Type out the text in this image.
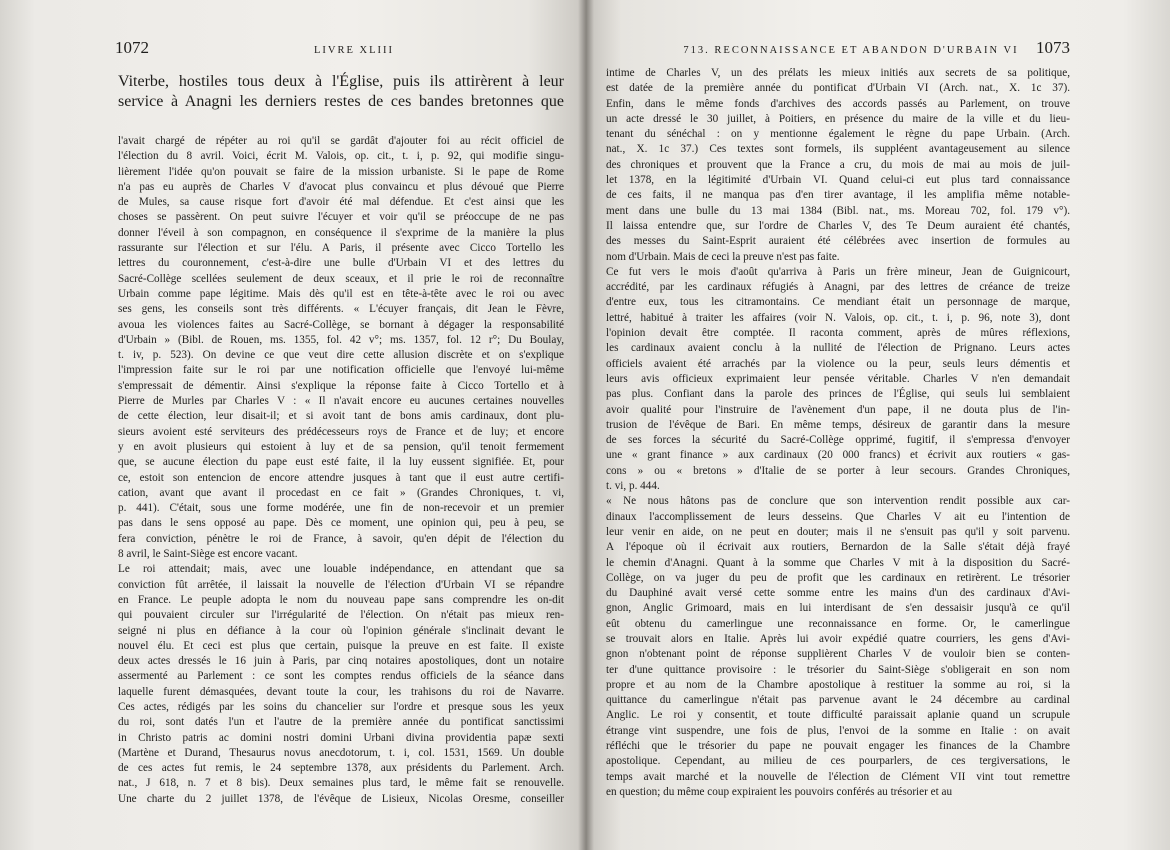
1072	LIVRE XLIII
Viterbe, hostiles tous deux à l'Église, puis ils attirèrent à leur
service à Anagni les derniers restes de ces bandes bretonnes que
l'avait chargé de répéter au roi qu'il se gardât d'ajouter foi au récit officiel de
l'élection du 8 avril. Voici, écrit M. Valois, op. cit., t. i, p. 92, qui modifie singu-
lièrement l'idée qu'on pouvait se faire de la mission urbaniste. Si le pape de Rome
n'a pas eu auprès de Charles V d'avocat plus convaincu et plus dévoué que Pierre
de Mules, sa cause risque fort d'avoir été mal défendue. Et c'est ainsi que les
choses se passèrent. On peut suivre l'écuyer et voir qu'il se préoccupe de ne pas
donner l'éveil à son compagnon, en conséquence il s'exprime de la manière la plus
rassurante sur l'élection et sur l'élu. A Paris, il présente avec Cicco Tortello les
lettres du couronnement, c'est-à-dire une bulle d'Urbain VI et des lettres du
Sacré-Collège scellées seulement de deux sceaux, et il prie le roi de reconnaître
Urbain comme pape légitime. Mais dès qu'il est en tête-à-tête avec le roi ou avec
ses gens, les conseils sont très différents. « L'écuyer français, dit Jean le Fèvre,
avoua les violences faites au Sacré-Collège, se bornant à dégager la responsabilité
d'Urbain » (Bibl. de Rouen, ms. 1355, fol. 42 v°; ms. 1357, fol. 12 r°; Du Boulay,
t. iv, p. 523). On devine ce que veut dire cette allusion discrète et on s'explique
l'impression faite sur le roi par une notification officielle que l'envoyé lui-même
s'empressait de démentir. Ainsi s'explique la réponse faite à Cicco Tortello et à
Pierre de Murles par Charles V : « Il n'avait encore eu aucunes certaines nouvelles
de cette élection, leur disait-il; et si avoit tant de bons amis cardinaux, dont plu-
sieurs avoient esté serviteurs des prédécesseurs roys de France et de luy; et encore
y en avoit plusieurs qui estoient à luy et de sa pension, qu'il tenoit fermement
que, se aucune élection du pape eust esté faite, il la luy eussent signifiée. Et, pour
ce, estoit son entencion de encore attendre jusques à tant que il eust autre certifi-
cation, avant que avant il procedast en ce fait » (Grandes Chroniques, t. vi,
p. 441). C'était, sous une forme modérée, une fin de non-recevoir et un premier
pas dans le sens opposé au pape. Dès ce moment, une opinion qui, peu à peu, se
fera conviction, pénètre le roi de France, à savoir, qu'en dépit de l'élection du
8 avril, le Saint-Siège est encore vacant.
Le roi attendait; mais, avec une louable indépendance, en attendant que sa
conviction fût arrêtée, il laissait la nouvelle de l'élection d'Urbain VI se répandre
en France. Le peuple adopta le nom du nouveau pape sans comprendre les on-dit
qui pouvaient circuler sur l'irrégularité de l'élection. On n'était pas mieux ren-
seigné ni plus en défiance à la cour où l'opinion générale s'inclinait devant le
nouvel élu. Et ceci est plus que certain, puisque la preuve en est faite. Il existe
deux actes dressés le 16 juin à Paris, par cinq notaires apostoliques, dont un notaire
assermenté au Parlement : ce sont les comptes rendus officiels de la séance dans
laquelle furent démasquées, devant toute la cour, les trahisons du roi de Navarre.
Ces actes, rédigés par les soins du chancelier sur l'ordre et presque sous les yeux
du roi, sont datés l'un et l'autre de la première année du pontificat sanctissimi
in Christo patris ac domini nostri domini Urbani divina providentia papæ sexti
(Martène et Durand, Thesaurus novus anecdotorum, t. i, col. 1531, 1569. Un double
de ces actes fut remis, le 24 septembre 1378, aux présidents du Parlement. Arch.
nat., J 618, n. 7 et 8 bis). Deux semaines plus tard, le même fait se renouvelle.
Une charte du 2 juillet 1378, de l'évêque de Lisieux, Nicolas Oresme, conseiller
713. RECONNAISSANCE ET ABANDON D'URBAIN VI 1073
intime de Charles V, un des prélats les mieux initiés aux secrets de sa politique,
est datée de la première année du pontificat d'Urbain VI (Arch. nat., X. 1c 37).
Enfin, dans le même fonds d'archives des accords passés au Parlement, on trouve
un acte dressé le 30 juillet, à Poitiers, en présence du maire de la ville et du lieu-
tenant du sénéchal : on y mentionne également le règne du pape Urbain. (Arch.
nat., X. 1c 37.) Ces textes sont formels, ils suppléent avantageusement au silence
des chroniques et prouvent que la France a cru, du mois de mai au mois de juil-
let 1378, en la légitimité d'Urbain VI. Quand celui-ci eut plus tard connaissance
de ces faits, il ne manqua pas d'en tirer avantage, il les amplifia même notable-
ment dans une bulle du 13 mai 1384 (Bibl. nat., ms. Moreau 702, fol. 179 v°).
Il laissa entendre que, sur l'ordre de Charles V, des Te Deum auraient été chantés,
des messes du Saint-Esprit auraient été célébrées avec insertion de formules au
nom d'Urbain. Mais de ceci la preuve n'est pas faite.
Ce fut vers le mois d'août qu'arriva à Paris un frère mineur, Jean de Guignicourt,
accrédité, par les cardinaux réfugiés à Anagni, par des lettres de créance de treize
d'entre eux, tous les citramontains. Ce mendiant était un personnage de marque,
lettré, habitué à traiter les affaires (voir N. Valois, op. cit., t. i, p. 96, note 3), dont
l'opinion devait être comptée. Il raconta comment, après de mûres réflexions,
les cardinaux avaient conclu à la nullité de l'élection de Prignano. Leurs actes
officiels avaient été arrachés par la violence ou la peur, seuls leurs démentis et
leurs avis officieux exprimaient leur pensée véritable. Charles V n'en demandait
pas plus. Confiant dans la parole des princes de l'Église, qui seuls lui semblaient
avoir qualité pour l'instruire de l'avènement d'un pape, il ne douta plus de l'in-
trusion de l'évêque de Bari. En même temps, désireux de garantir dans la mesure
de ses forces la sécurité du Sacré-Collège opprimé, fugitif, il s'empressa d'envoyer
une « grant finance » aux cardinaux (20 000 francs) et écrivit aux routiers « gas-
cons » ou « bretons » d'Italie de se porter à leur secours. Grandes Chroniques,
t. vi, p. 444.
« Ne nous hâtons pas de conclure que son intervention rendit possible aux car-
dinaux l'accomplissement de leurs desseins. Que Charles V ait eu l'intention de
leur venir en aide, on ne peut en douter; mais il ne s'ensuit pas qu'il y soit parvenu.
A l'époque où il écrivait aux routiers, Bernardon de la Salle s'était déjà frayé
le chemin d'Anagni. Quant à la somme que Charles V mit à la disposition du Sacré-
Collège, on va juger du peu de profit que les cardinaux en retirèrent. Le trésorier
du Dauphiné avait versé cette somme entre les mains d'un des cardinaux d'Avi-
gnon, Anglic Grimoard, mais en lui interdisant de s'en dessaisir jusqu'à ce qu'il
eût obtenu du camerlingue une reconnaissance en forme. Or, le camerlingue
se trouvait alors en Italie. Après lui avoir expédié quatre courriers, les gens d'Avi-
gnon n'obtenant point de réponse supplièrent Charles V de vouloir bien se conten-
ter d'une quittance provisoire : le trésorier du Saint-Siège s'obligerait en son nom
propre et au nom de la Chambre apostolique à restituer la somme au roi, si la
quittance du camerlingue n'était pas parvenue avant le 24 décembre au cardinal
Anglic. Le roi y consentit, et toute difficulté paraissait aplanie quand un scrupule
étrange vint suspendre, une fois de plus, l'envoi de la somme en Italie : on avait
réfléchi que le trésorier du pape ne pouvait engager les finances de la Chambre
apostolique. Cependant, au milieu de ces pourparlers, de ces tergiversations, le
temps avait marché et la nouvelle de l'élection de Clément VII vint tout remettre
en question; du même coup expiraient les pouvoirs conférés au trésorier et au
